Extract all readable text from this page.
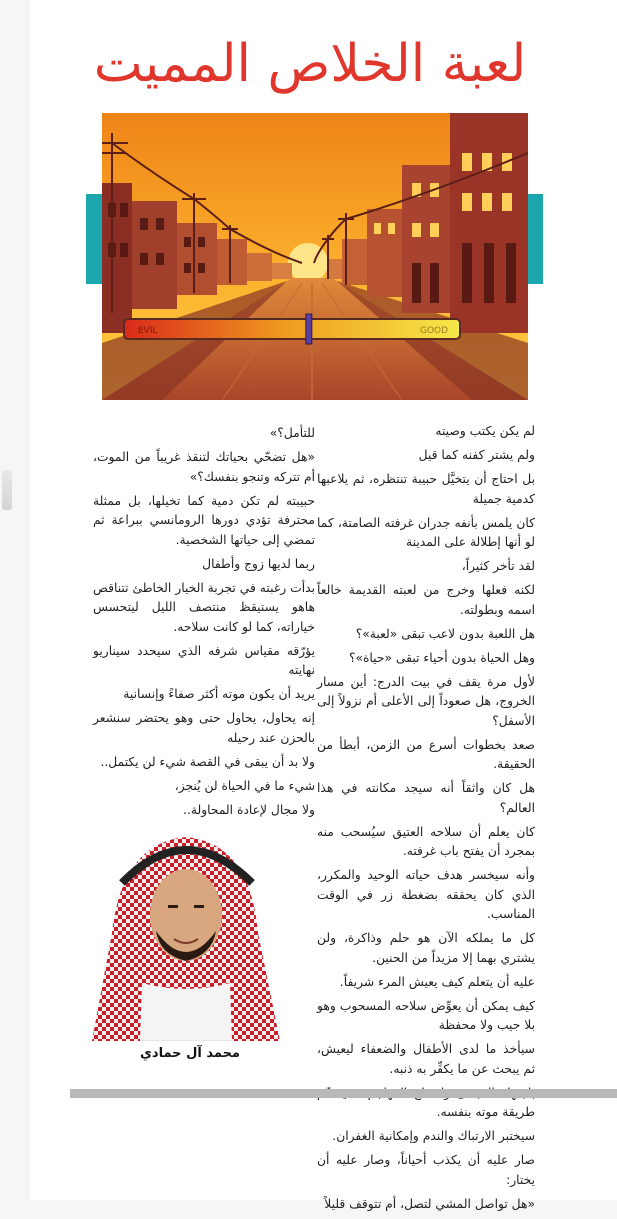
لعبة الخلاص المميت
EVIL	GOOD

لم يكن يكتب وصيته

ولم يشتر كفنه كما قيل

بل احتاج أن يتخيَّل حبيبة تنتظره، ثم يلاعبها كدمية جميلة

كان يلمس بأنفه جدران غرفته الصامتة، كما لو أنها إطلالة على المدينة

لقد تأخر كثيراً،

لكنه فعلها وخرج من لعبته القديمة خالعاً اسمه وبطولته.

هل اللعبة بدون لاعب تبقى «لعبة»؟

وهل الحياة بدون أحياء تبقى «حياة»؟

لأول مرة يقف في بيت الدرج: أين مسار الخروج، هل صعوداً إلى الأعلى أم نزولاً إلى الأسفل؟

صعد بخطوات أسرع من الزمن، أبطأ من الحقيقة.

هل كان واثقاً أنه سيجد مكانته في هذا العالم؟

كان يعلم أن سلاحه العتيق سيُسحب منه بمجرد أن يفتح باب غرفته.

وأنه سيخسر هدف حياته الوحيد والمكرر، الذي كان يحققه بضغطة زر في الوقت المناسب.

كل ما يملكه الآن هو حلم وذاكرة، ولن يشتري بهما إلا مزيداً من الحنين.

عليه أن يتعلم كيف يعيش المرء شريفاً.

كيف يمكن أن يعوِّض سلاحه المسحوب وهو بلا جيب ولا محفظة

سيأخذ ما لدى الأطفال والضعفاء ليعيش، ثم يبحث عن ما يكفِّر به ذنبه.

طريقة موته بنفسه.

سيختبر الارتباك والندم وإمكانية الغفران.

صار عليه أن يكذب أحياناً، وصار عليه أن يختار:

«هل تواصل المشي لتصل، أم تتوقف قليلاً

للتأمل؟»

«هل تضحّي بحياتك لتنقذ غريباً من الموت، أم تتركه وتنجو بنفسك؟»

حبيبته لم تكن دمية كما تخيلها، بل ممثلة محترفة تؤدي دورها الرومانسي ببراعة ثم تمضي إلى حياتها الشخصية.

ربما لديها زوج وأطفال

بدأت رغبته في تجربة الخيار الخاطئ تتناقص هاهو يستيقظ منتصف الليل ليتحسس خياراته، كما لو كانت سلاحه.

يؤرّقه مقياس شرفه الذي سيحدد سيناريو نهايته

يريد أن يكون موته أكثر صفاءً وإنسانية

إنه يحاول، يحاول حتى وهو يحتضر سنشعر بالحزن عند رحيله

ولا بد أن يبقى في القصة شيء لن يكتمل..

شيء ما في الحياة لن يُنجز،

ولا مجال لإعادة المحاولة..

محمد آل حمادي
